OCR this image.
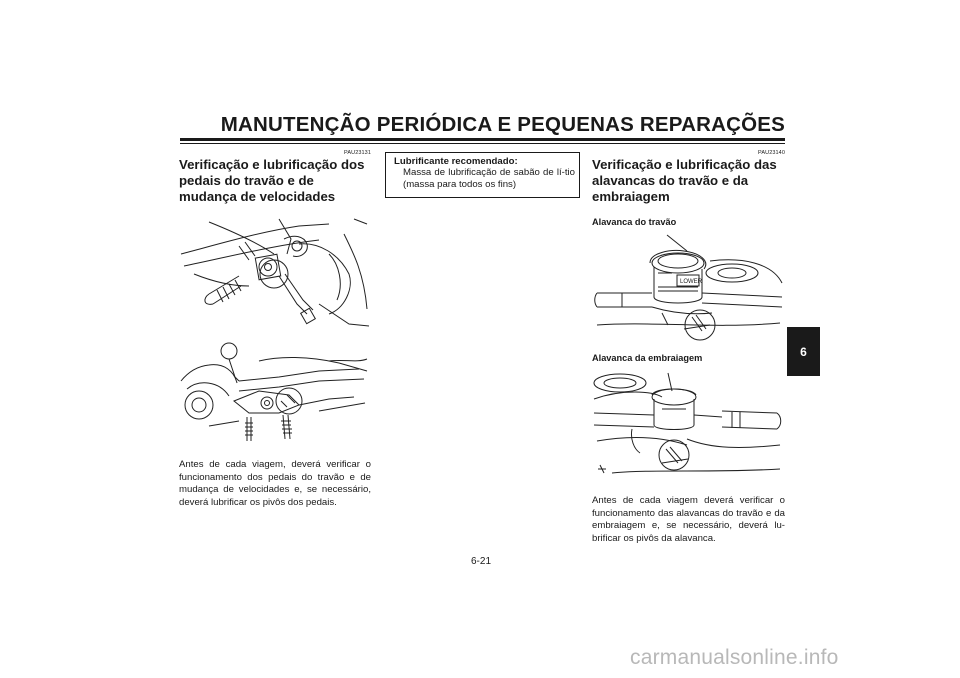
MANUTENÇÃO PERIÓDICA E PEQUENAS REPARAÇÕES
PAU23131
Verificação e lubrificação dos pedais do travão e de mudança de velocidades
Antes de cada viagem, deverá verificar o funcionamento dos pedais do travão e de mudança de velocidades e, se necessário, deverá lubrificar os pivôs dos pedais.
Lubrificante recomendado:
Massa de lubrificação de sabão de lí-tio (massa para todos os fins)
PAU23140
Verificação e lubrificação das alavancas do travão e da embraiagem
Alavanca do travão
LOWER
Alavanca da embraiagem
Antes de cada viagem deverá verificar o funcionamento das alavancas do travão e da embraiagem e, se necessário, deverá lu-brificar os pivôs da alavanca.
6
6-21
carmanualsonline.info
